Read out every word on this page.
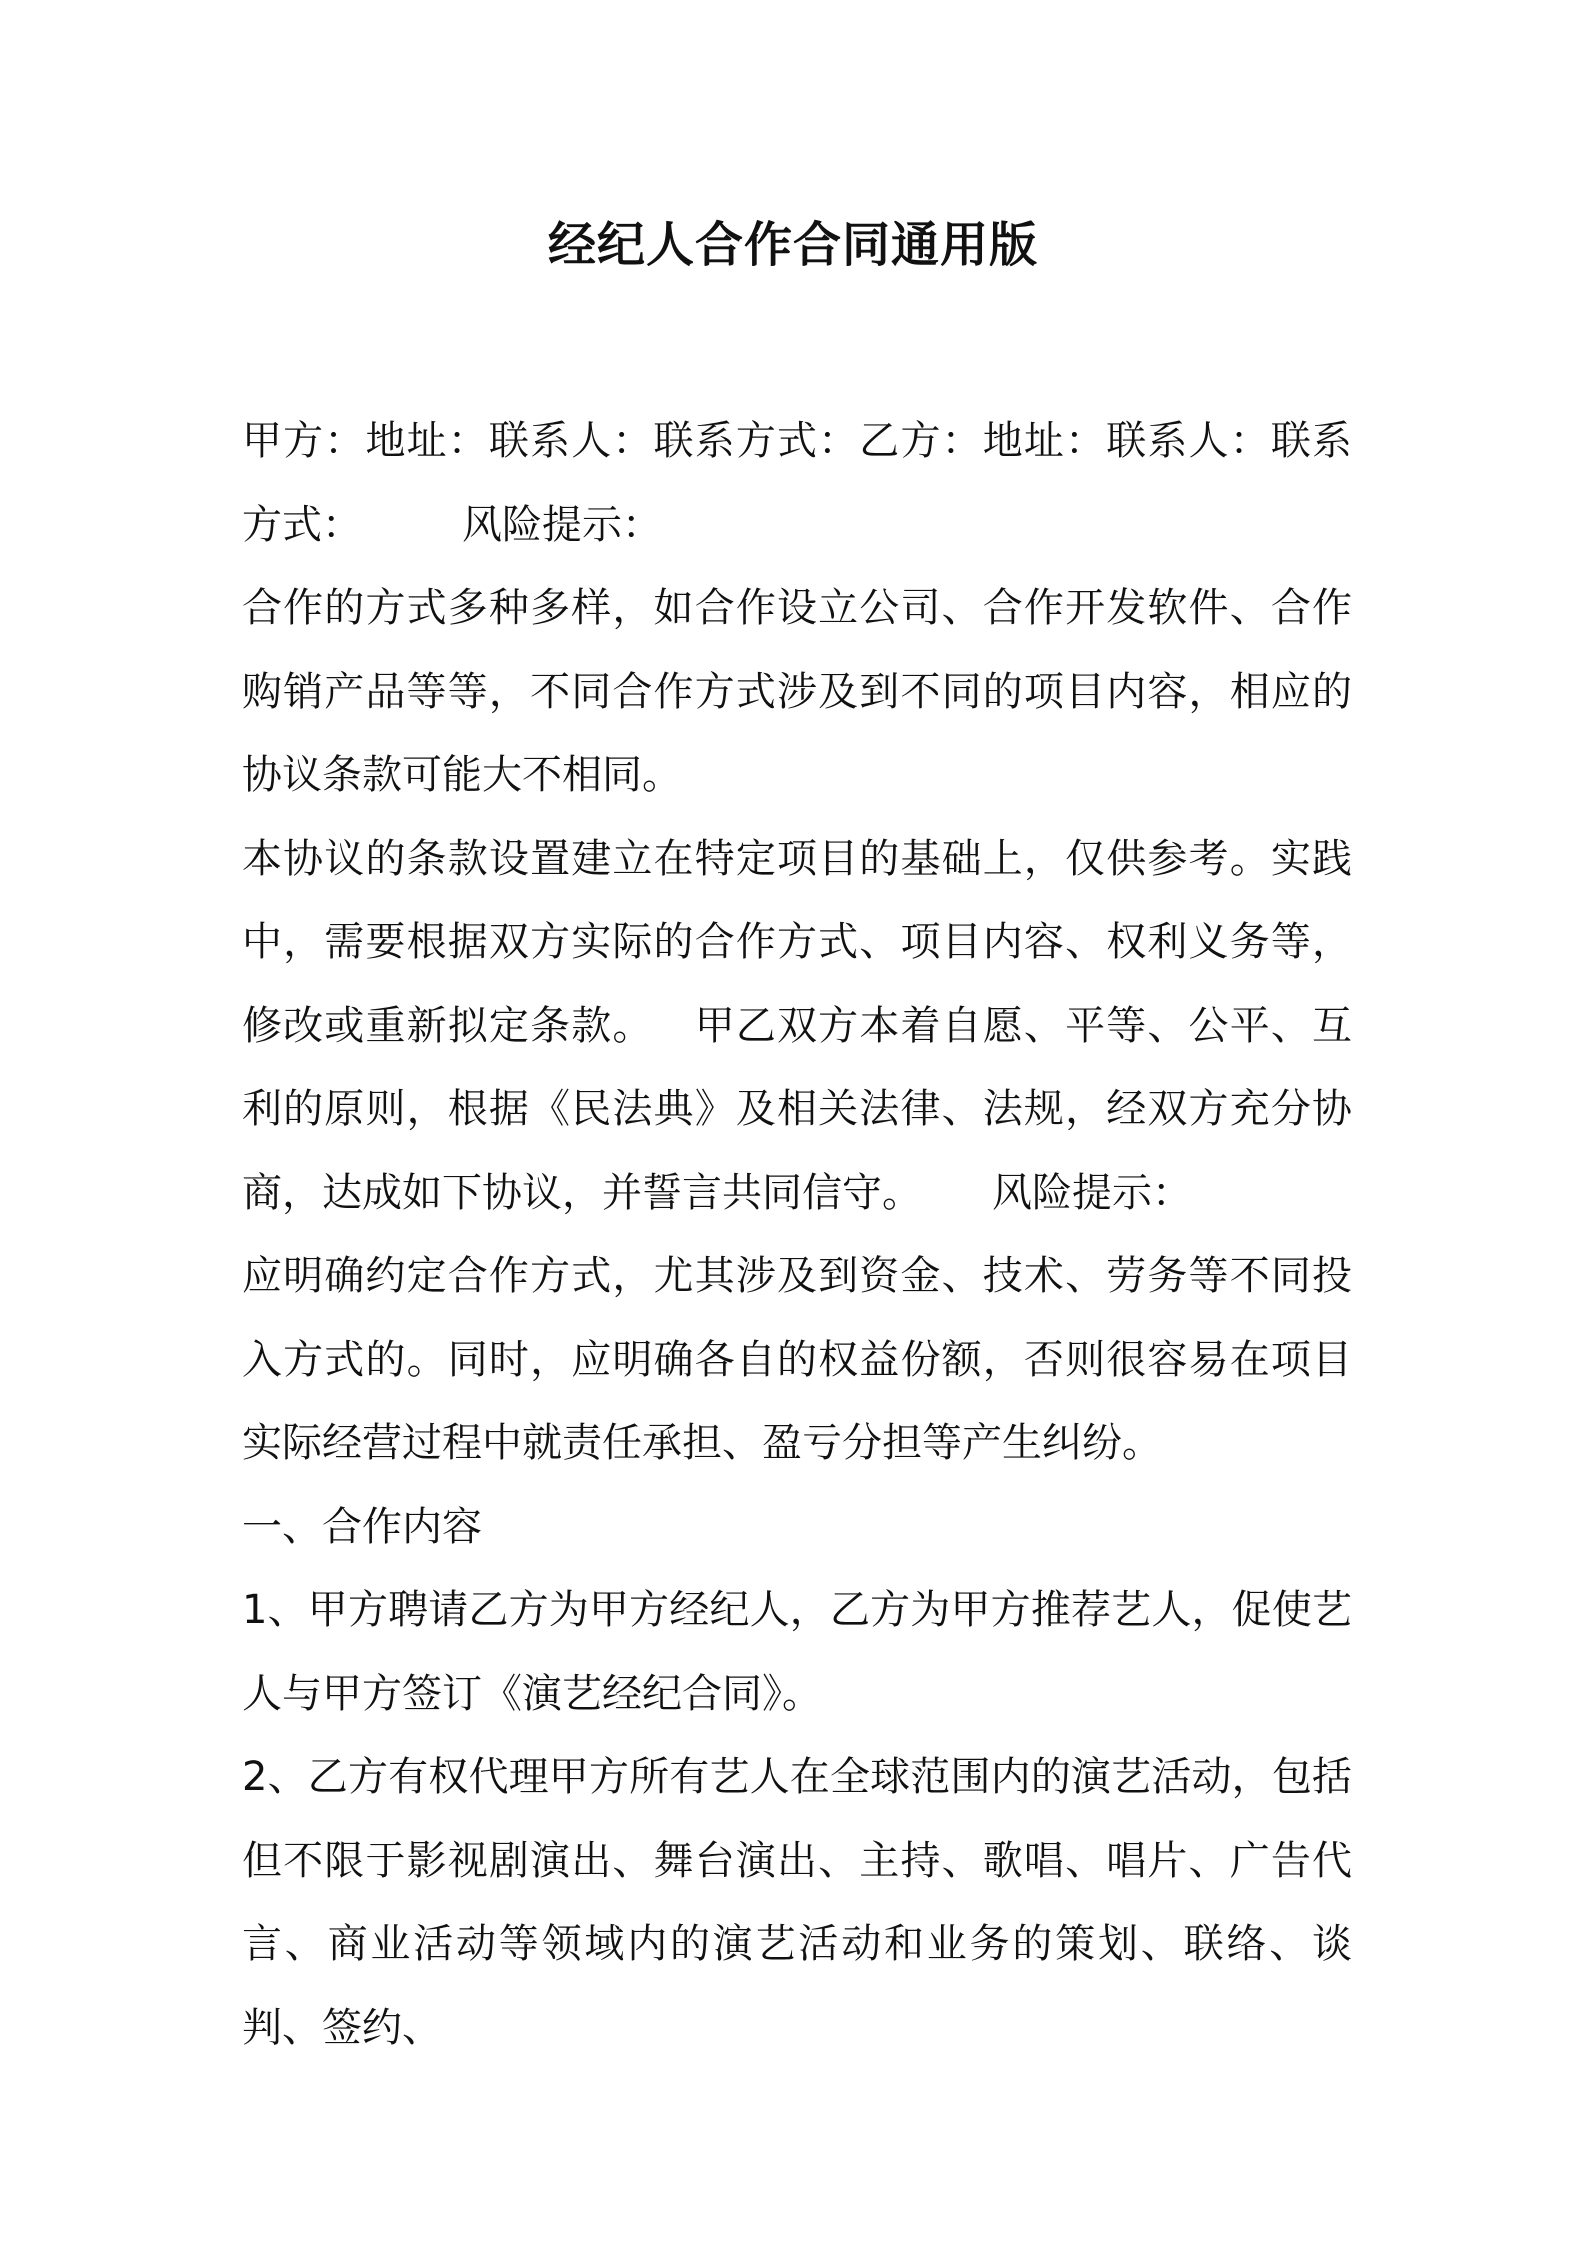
经纪人合作合同通用版

甲方：地址：联系人：联系方式：乙方：地址：联系人：联系方式：	风险提示：

合作的方式多种多样，如合作设立公司、合作开发软件、合作购销产品等等，不同合作方式涉及到不同的项目内容，相应的协议条款可能大不相同。

本协议的条款设置建立在特定项目的基础上，仅供参考。实践中，需要根据双方实际的合作方式、项目内容、权利义务等，修改或重新拟定条款。 甲乙双方本着自愿、平等、公平、互利的原则，根据《民法典》及相关法律、法规，经双方充分协商，达成如下协议，并誓言共同信守。 风险提示：

应明确约定合作方式，尤其涉及到资金、技术、劳务等不同投入方式的。同时，应明确各自的权益份额，否则很容易在项目实际经营过程中就责任承担、盈亏分担等产生纠纷。

一、合作内容

1、甲方聘请乙方为甲方经纪人，乙方为甲方推荐艺人，促使艺人与甲方签订《演艺经纪合同》。

2、乙方有权代理甲方所有艺人在全球范围内的演艺活动，包括但不限于影视剧演出、舞台演出、主持、歌唱、唱片、广告代言、商业活动等领域内的演艺活动和业务的策划、联络、谈判、签约、
